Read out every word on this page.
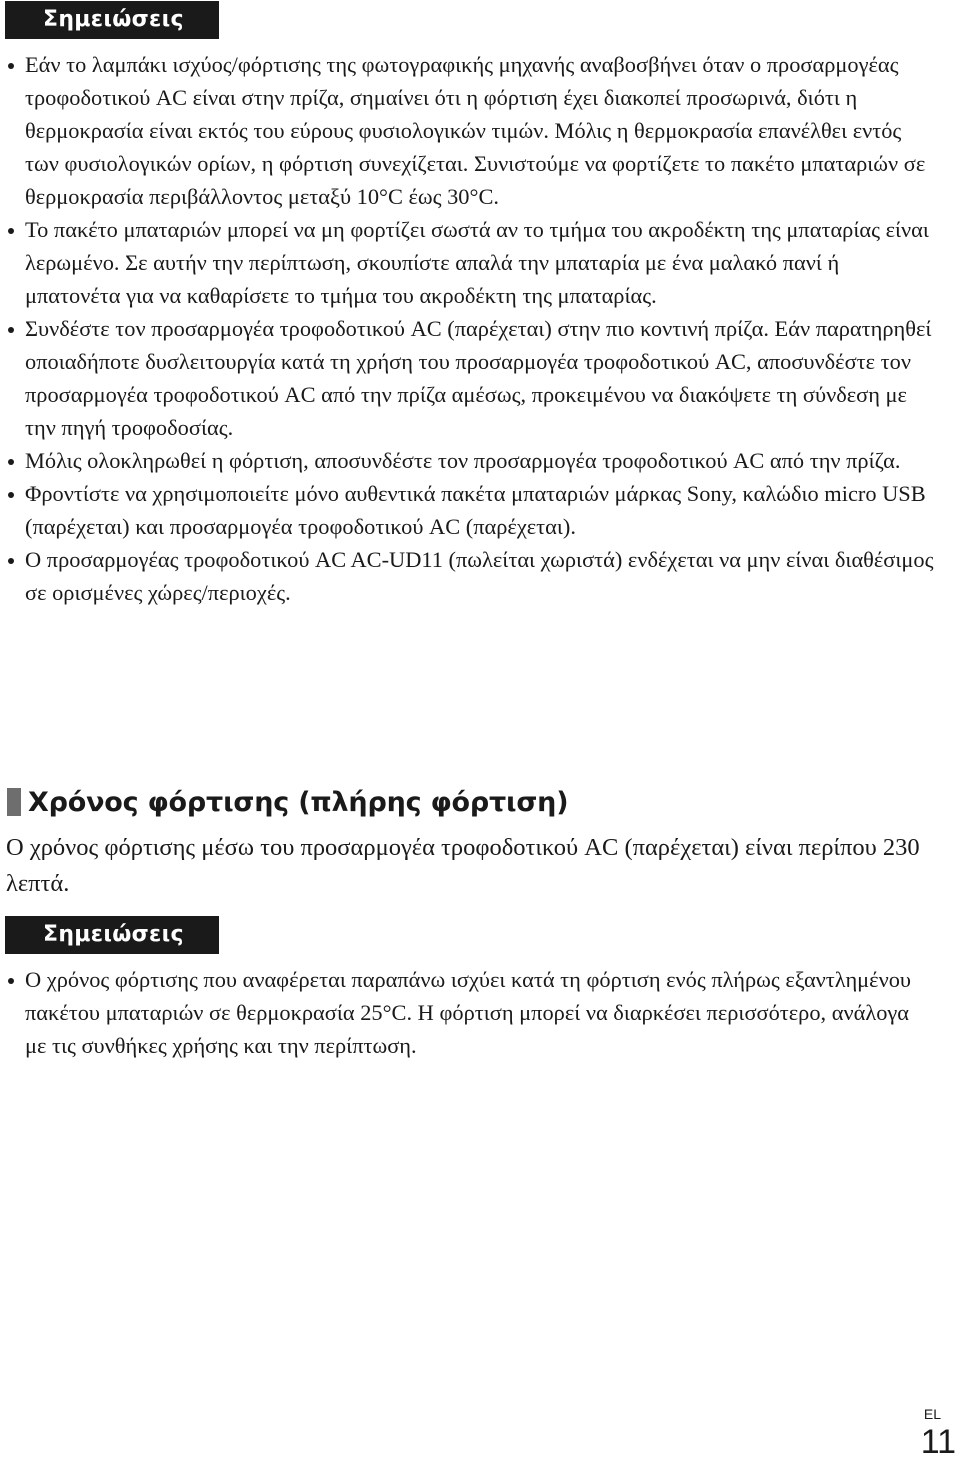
Σημειώσεις
Εάν το λαμπάκι ισχύος/φόρτισης της φωτογραφικής μηχανής αναβοσβήνει όταν ο προσαρμογέας τροφοδοτικού AC είναι στην πρίζα, σημαίνει ότι η φόρτιση έχει διακοπεί προσωρινά, διότι η θερμοκρασία είναι εκτός του εύρους φυσιολογικών τιμών. Μόλις η θερμοκρασία επανέλθει εντός των φυσιολογικών ορίων, η φόρτιση συνεχίζεται. Συνιστούμε να φορτίζετε το πακέτο μπαταριών σε θερμοκρασία περιβάλλοντος μεταξύ 10°C έως 30°C.
Το πακέτο μπαταριών μπορεί να μη φορτίζει σωστά αν το τμήμα του ακροδέκτη της μπαταρίας είναι λερωμένο. Σε αυτήν την περίπτωση, σκουπίστε απαλά την μπαταρία με ένα μαλακό πανί ή μπατονέτα για να καθαρίσετε το τμήμα του ακροδέκτη της μπαταρίας.
Συνδέστε τον προσαρμογέα τροφοδοτικού AC (παρέχεται) στην πιο κοντινή πρίζα. Εάν παρατηρηθεί οποιαδήποτε δυσλειτουργία κατά τη χρήση του προσαρμογέα τροφοδοτικού AC, αποσυνδέστε τον προσαρμογέα τροφοδοτικού AC από την πρίζα αμέσως, προκειμένου να διακόψετε τη σύνδεση με την πηγή τροφοδοσίας.
Μόλις ολοκληρωθεί η φόρτιση, αποσυνδέστε τον προσαρμογέα τροφοδοτικού AC από την πρίζα.
Φροντίστε να χρησιμοποιείτε μόνο αυθεντικά πακέτα μπαταριών μάρκας Sony, καλώδιο micro USB (παρέχεται) και προσαρμογέα τροφοδοτικού AC (παρέχεται).
Ο προσαρμογέας τροφοδοτικού AC AC-UD11 (πωλείται χωριστά) ενδέχεται να μην είναι διαθέσιμος σε ορισμένες χώρες/περιοχές.
Χρόνος φόρτισης (πλήρης φόρτιση)

Ο χρόνος φόρτισης μέσω του προσαρμογέα τροφοδοτικού AC (παρέχεται) είναι περίπου 230 λεπτά.

Σημειώσεις
Ο χρόνος φόρτισης που αναφέρεται παραπάνω ισχύει κατά τη φόρτιση ενός πλήρως εξαντλημένου πακέτου μπαταριών σε θερμοκρασία 25°C. Η φόρτιση μπορεί να διαρκέσει περισσότερο, ανάλογα με τις συνθήκες χρήσης και την περίπτωση.
EL
11
